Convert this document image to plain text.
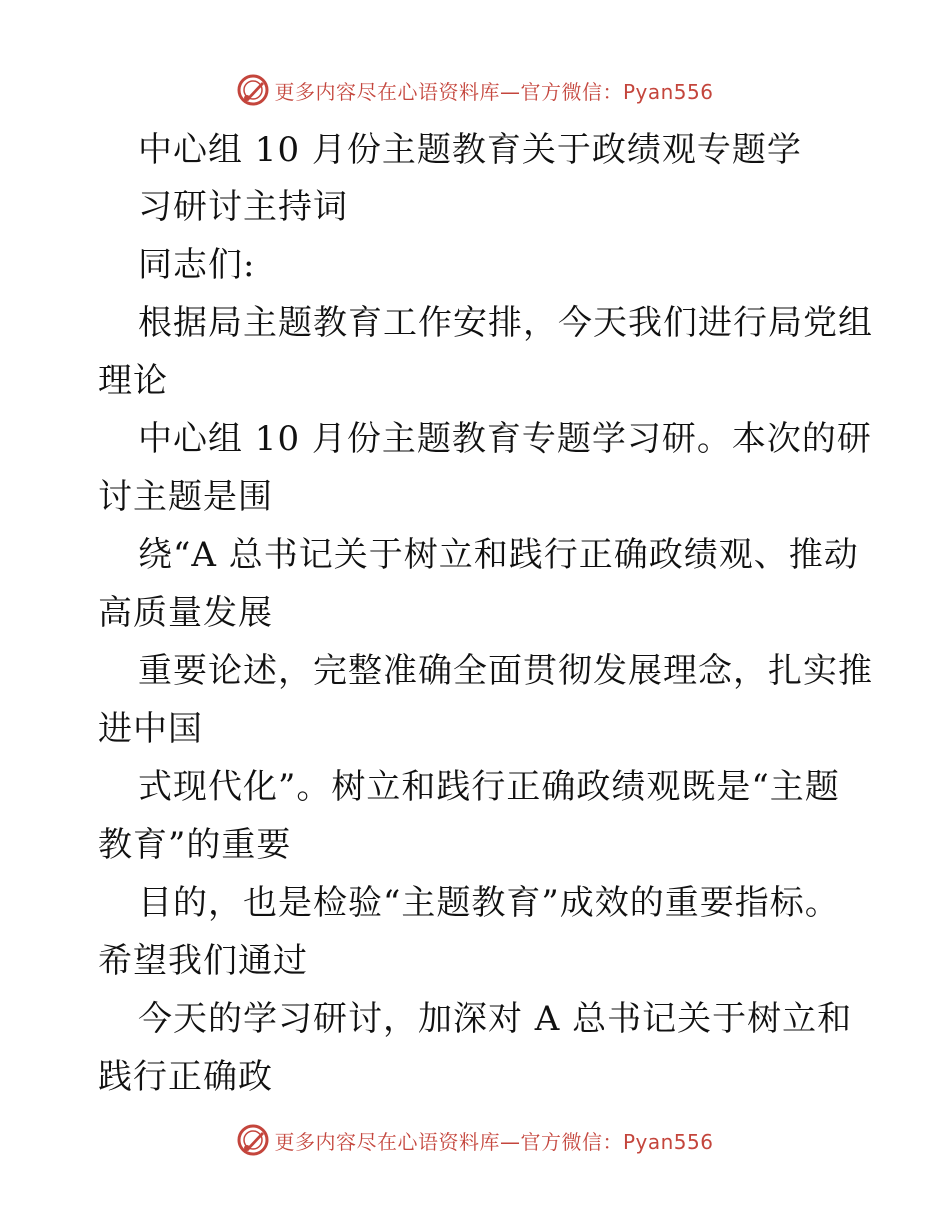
更多内容尽在心语资料库—官方微信：Pyan556
中心组 10 月份主题教育关于政绩观专题学
习研讨主持词
同志们:
根据局主题教育工作安排，今天我们进行局党组
理论
中心组 10 月份主题教育专题学习研。本次的研
讨主题是围
绕“A 总书记关于树立和践行正确政绩观、推动
高质量发展
重要论述，完整准确全面贯彻发展理念，扎实推
进中国
式现代化”。树立和践行正确政绩观既是“主题
教育”的重要
目的，也是检验“主题教育”成效的重要指标。
希望我们通过
今天的学习研讨，加深对 A 总书记关于树立和
践行正确政
更多内容尽在心语资料库—官方微信：Pyan556
